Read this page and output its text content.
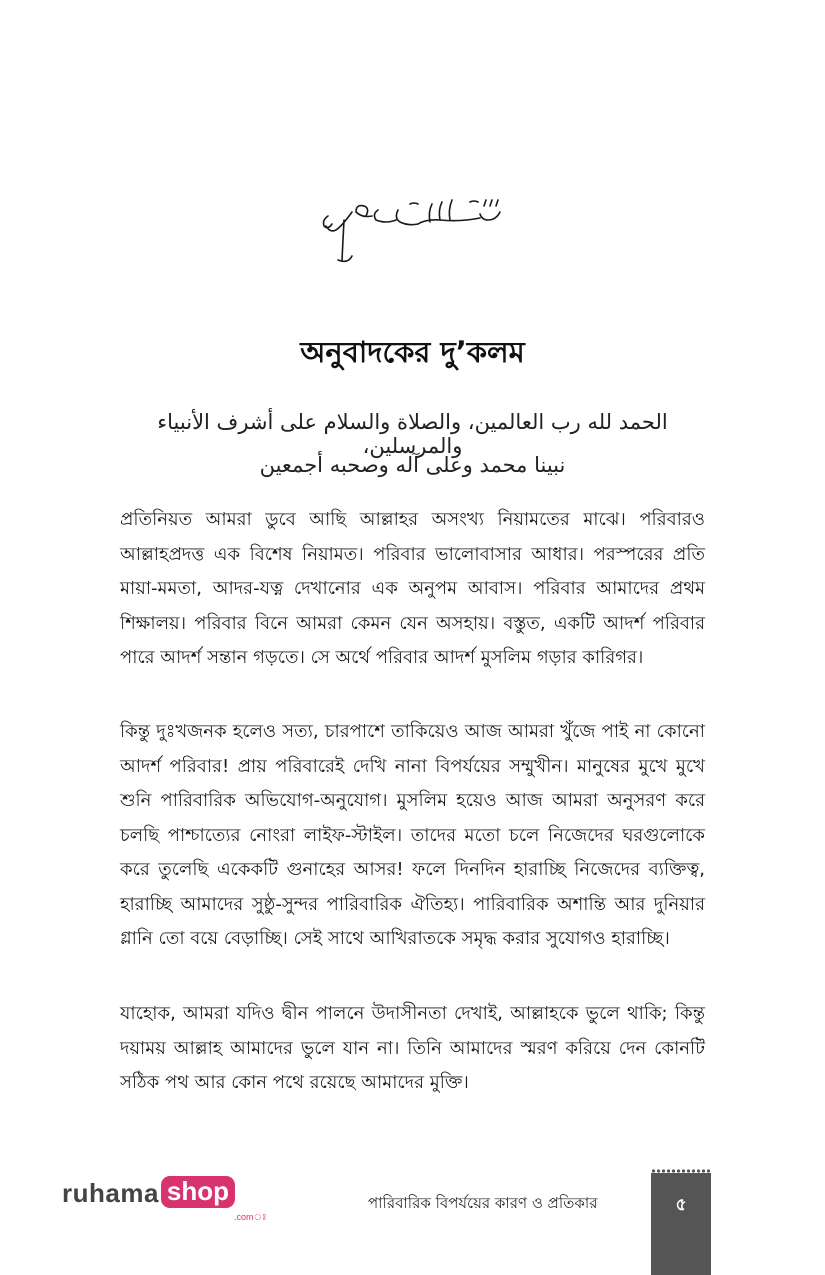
অনুবাদকের দু’কলম
الحمد لله رب العالمين، والصلاة والسلام على أشرف الأنبياء والمرسلين،
نبينا محمد وعلى آله وصحبه أجمعين

প্রতিনিয়ত আমরা ডুবে আছি আল্লাহর অসংখ্য নিয়ামতের মাঝে। পরিবারও আল্লাহপ্রদত্ত এক বিশেষ নিয়ামত। পরিবার ভালোবাসার আধার। পরস্পরের প্রতি মায়া-মমতা, আদর-যত্ন দেখানোর এক অনুপম আবাস। পরিবার আমাদের প্রথম শিক্ষালয়। পরিবার বিনে আমরা কেমন যেন অসহায়। বস্তুত, একটি আদর্শ পরিবার পারে আদর্শ সন্তান গড়তে। সে অর্থে পরিবার আদর্শ মুসলিম গড়ার কারিগর।

কিন্তু দুঃখজনক হলেও সত্য, চারপাশে তাকিয়েও আজ আমরা খুঁজে পাই না কোনো আদর্শ পরিবার! প্রায় পরিবারেই দেখি নানা বিপর্যয়ের সম্মুখীন। মানুষের মুখে মুখে শুনি পারিবারিক অভিযোগ-অনুযোগ। মুসলিম হয়েও আজ আমরা অনুসরণ করে চলছি পাশ্চাত্যের নোংরা লাইফ-স্টাইল। তাদের মতো চলে নিজেদের ঘরগুলোকে করে তুলেছি একেকটি গুনাহের আসর! ফলে দিনদিন হারাচ্ছি নিজেদের ব্যক্তিত্ব, হারাচ্ছি আমাদের সুষ্ঠু-সুন্দর পারিবারিক ঐতিহ্য। পারিবারিক অশান্তি আর দুনিয়ার গ্লানি তো বয়ে বেড়াচ্ছি। সেই সাথে আখিরাতকে সমৃদ্ধ করার সুযোগও হারাচ্ছি।

যাহোক, আমরা যদিও দ্বীন পালনে উদাসীনতা দেখাই, আল্লাহকে ভুলে থাকি; কিন্তু দয়াময় আল্লাহ আমাদের ভুলে যান না। তিনি আমাদের স্মরণ করিয়ে দেন কোনটি সঠিক পথ আর কোন পথে রয়েছে আমাদের মুক্তি।

ruhama shop
.comঃ
পারিবারিক বিপর্যয়ের কারণ ও প্রতিকার	৫
